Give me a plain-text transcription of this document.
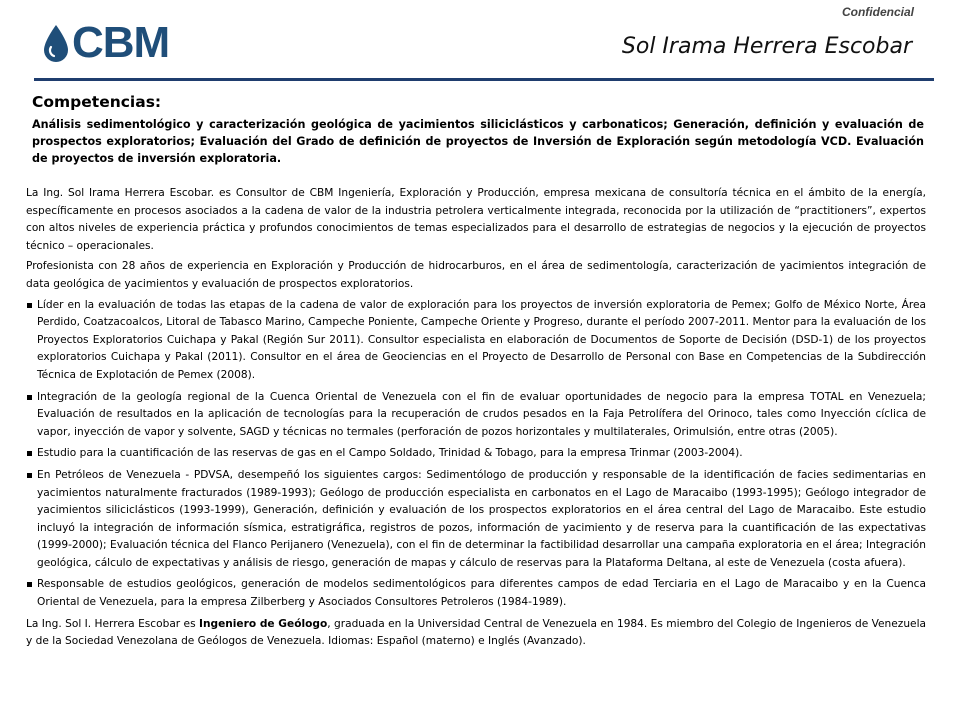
Confidencial
CBM	Sol Irama Herrera Escobar
Competencias:
Análisis sedimentológico y caracterización geológica de yacimientos siliciclásticos y carbonaticos; Generación, definición y evaluación de prospectos exploratorios; Evaluación del Grado de definición de proyectos de Inversión de Exploración según metodología VCD. Evaluación de proyectos de inversión exploratoria.

La Ing. Sol Irama Herrera Escobar. es Consultor de CBM Ingeniería, Exploración y Producción, empresa mexicana de consultoría técnica en el ámbito de la energía, específicamente en procesos asociados a la cadena de valor de la industria petrolera verticalmente integrada, reconocida por la utilización de “practitioners”, expertos con altos niveles de experiencia práctica y profundos conocimientos de temas especializados para el desarrollo de estrategias de negocios y la ejecución de proyectos técnico – operacionales.

Profesionista con 28 años de experiencia en Exploración y Producción de hidrocarburos, en el área de sedimentología, caracterización de yacimientos integración de data geológica de yacimientos y evaluación de prospectos exploratorios.

Líder en la evaluación de todas las etapas de la cadena de valor de exploración para los proyectos de inversión exploratoria de Pemex; Golfo de México Norte, Área Perdido, Coatzacoalcos, Litoral de Tabasco Marino, Campeche Poniente, Campeche Oriente y Progreso, durante el período 2007-2011. Mentor para la evaluación de los Proyectos Exploratorios Cuichapa y Pakal (Región Sur 2011). Consultor especialista en elaboración de Documentos de Soporte de Decisión (DSD-1) de los proyectos exploratorios Cuichapa y Pakal (2011). Consultor en el área de Geociencias en el Proyecto de Desarrollo de Personal con Base en Competencias de la Subdirección Técnica de Explotación de Pemex (2008).
Integración de la geología regional de la Cuenca Oriental de Venezuela con el fin de evaluar oportunidades de negocio para la empresa TOTAL en Venezuela; Evaluación de resultados en la aplicación de tecnologías para la recuperación de crudos pesados en la Faja Petrolífera del Orinoco, tales como Inyección cíclica de vapor, inyección de vapor y solvente, SAGD y técnicas no termales (perforación de pozos horizontales y multilaterales, Orimulsión, entre otras (2005).
Estudio para la cuantificación de las reservas de gas en el Campo Soldado, Trinidad & Tobago, para la empresa Trinmar (2003-2004).
En Petróleos de Venezuela - PDVSA, desempeñó los siguientes cargos: Sedimentólogo de producción y responsable de la identificación de facies sedimentarias en yacimientos naturalmente fracturados (1989-1993); Geólogo de producción especialista en carbonatos en el Lago de Maracaibo (1993-1995); Geólogo integrador de yacimientos siliciclásticos (1993-1999), Generación, definición y evaluación de los prospectos exploratorios en el área central del Lago de Maracaibo. Este estudio incluyó la integración de información sísmica, estratigráfica, registros de pozos, información de yacimiento y de reserva para la cuantificación de las expectativas (1999-2000); Evaluación técnica del Flanco Perijanero (Venezuela), con el fin de determinar la factibilidad desarrollar una campaña exploratoria en el área; Integración geológica, cálculo de expectativas y análisis de riesgo, generación de mapas y cálculo de reservas para la Plataforma Deltana, al este de Venezuela (costa afuera).
Responsable de estudios geológicos, generación de modelos sedimentológicos para diferentes campos de edad Terciaria en el Lago de Maracaibo y en la Cuenca Oriental de Venezuela, para la empresa Zilberberg y Asociados Consultores Petroleros (1984-1989).

La Ing. Sol I. Herrera Escobar es Ingeniero de Geólogo, graduada en la Universidad Central de Venezuela en 1984. Es miembro del Colegio de Ingenieros de Venezuela y de la Sociedad Venezolana de Geólogos de Venezuela. Idiomas: Español (materno) e Inglés (Avanzado).
